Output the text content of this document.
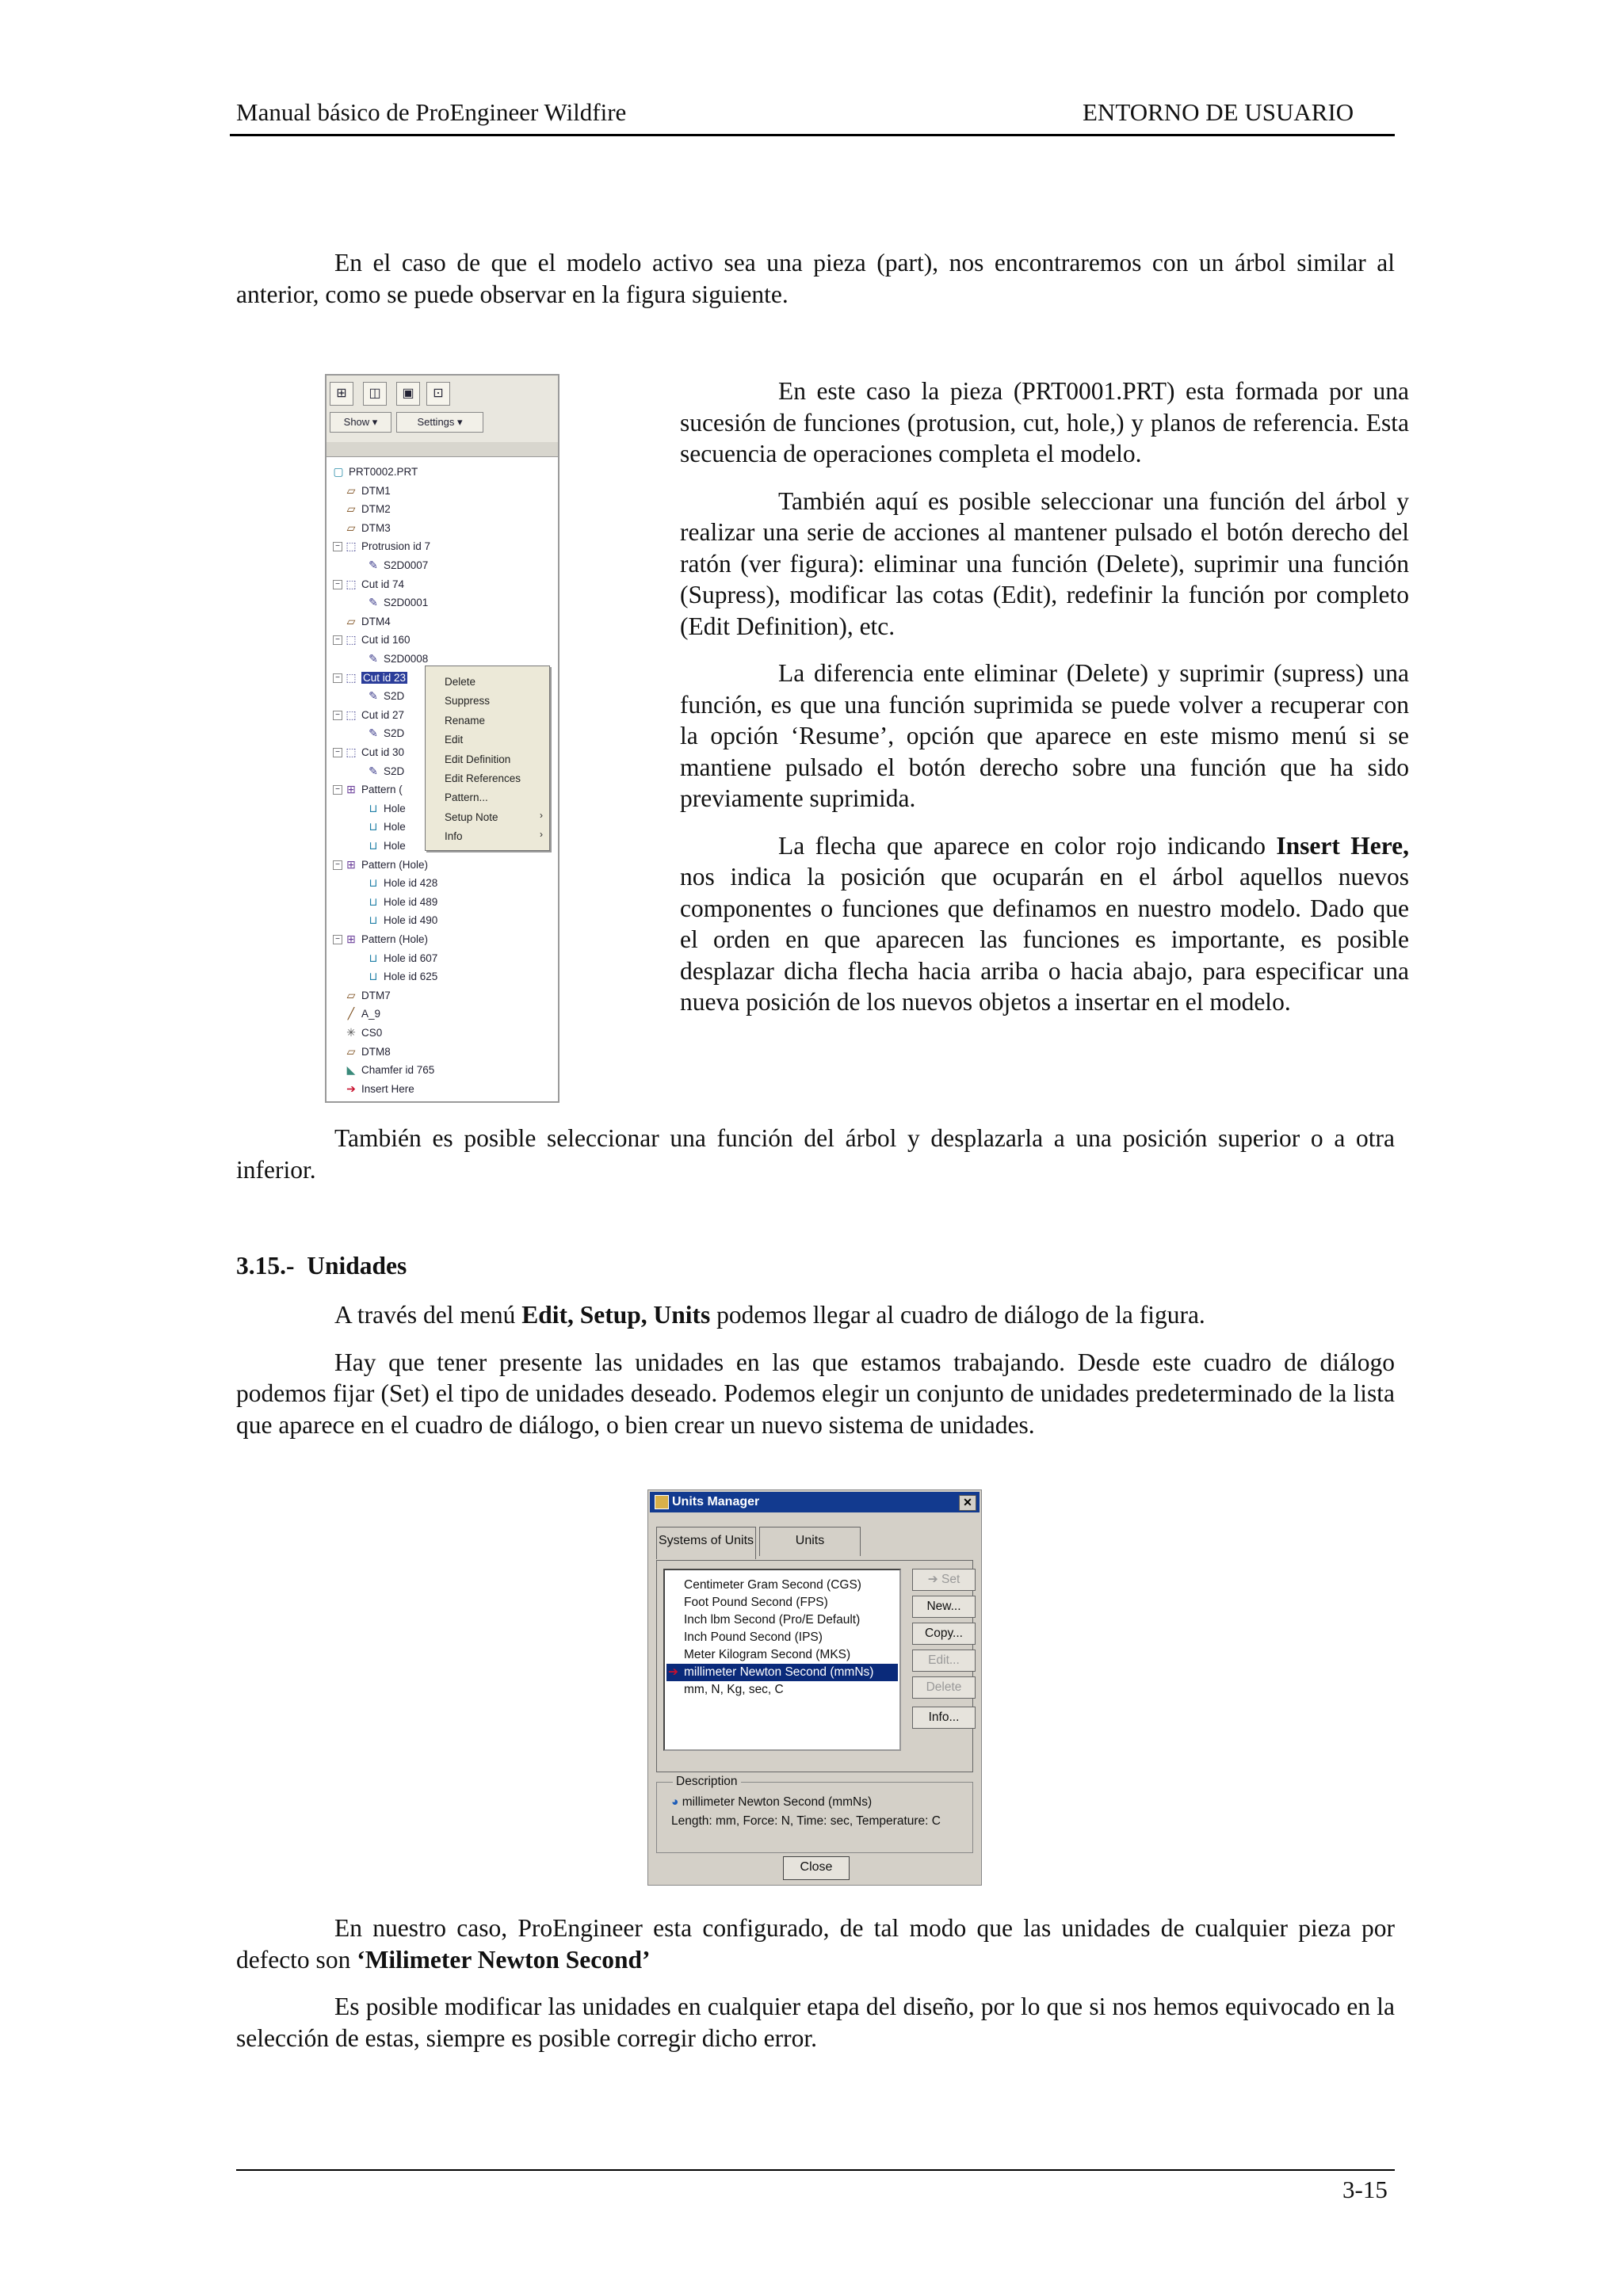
Manual básico de ProEngineer Wildfire	ENTORNO DE USUARIO
En el caso de que el modelo activo sea una pieza (part), nos encontraremos con un árbol similar al anterior, como se puede observar en la figura siguiente.
⊞	◫	▣	⊡
Show ▾	Settings ▾
▢ PRT0002.PRT
▱ DTM1
▱ DTM2
▱ DTM3
− ⬚ Protrusion id 7
✎ S2D0007
− ⬚ Cut id 74
✎ S2D0001
▱ DTM4
− ⬚ Cut id 160
✎ S2D0008
− ⬚ Cut id 23
✎ S2D
− ⬚ Cut id 27
✎ S2D
− ⬚ Cut id 30
✎ S2D
− ⊞ Pattern (
⊔ Hole
⊔ Hole
⊔ Hole
− ⊞ Pattern (Hole)
⊔ Hole id 428
⊔ Hole id 489
⊔ Hole id 490
− ⊞ Pattern (Hole)
⊔ Hole id 607
⊔ Hole id 625
▱ DTM7
╱ A_9
✳ CS0
▱ DTM8
◣ Chamfer id 765
➔ Insert Here
Delete
Suppress
Rename
Edit
Edit Definition
Edit References
Pattern...
Setup Note	›
Info	›

En este caso la pieza (PRT0001.PRT) esta formada por una sucesión de funciones (protusion, cut, hole,) y planos de referencia. Esta secuencia de operaciones completa el modelo.

También aquí es posible seleccionar una función del árbol y realizar una serie de acciones al mantener pulsado el botón derecho del ratón (ver figura): eliminar una función (Delete), suprimir una función (Supress), modificar las cotas (Edit), redefinir la función por completo (Edit Definition), etc.

La diferencia ente eliminar (Delete) y suprimir (supress) una función, es que una función suprimida se puede volver a recuperar con la opción ‘Resume’, opción que aparece en este mismo menú si se mantiene pulsado el botón derecho sobre una función que ha sido previamente suprimida.

La flecha que aparece en color rojo indicando Insert Here, nos indica la posición que ocuparán en el árbol aquellos nuevos componentes o funciones que definamos en nuestro modelo. Dado que el orden en que aparecen las funciones es importante, es posible desplazar dicha flecha hacia arriba o hacia abajo, para especificar una nueva posición de los nuevos objetos a insertar en el modelo.

También es posible seleccionar una función del árbol y desplazarla a una posición superior o a otra inferior.
3.15.- Unidades

A través del menú Edit, Setup, Units podemos llegar al cuadro de diálogo de la figura.

Hay que tener presente las unidades en las que estamos trabajando. Desde este cuadro de diálogo podemos fijar (Set) el tipo de unidades deseado. Podemos elegir un conjunto de unidades predeterminado de la lista que aparece en el cuadro de diálogo, o bien crear un nuevo sistema de unidades.

Units Manager	✕
Systems of Units	Units
Centimeter Gram Second (CGS)
Foot Pound Second (FPS)
Inch lbm Second (Pro/E Default)
Inch Pound Second (IPS)
Meter Kilogram Second (MKS)
➔ millimeter Newton Second (mmNs)
mm, N, Kg, sec, C
➔ Set
New...
Copy...
Edit...
Delete
Info...
Description
◕ millimeter Newton Second (mmNs)
Length: mm, Force: N, Time: sec, Temperature: C
Close

En nuestro caso, ProEngineer esta configurado, de tal modo que las unidades de cualquier pieza por defecto son ‘Milimeter Newton Second’

Es posible modificar las unidades en cualquier etapa del diseño, por lo que si nos hemos equivocado en la selección de estas, siempre es posible corregir dicho error.

3-15
